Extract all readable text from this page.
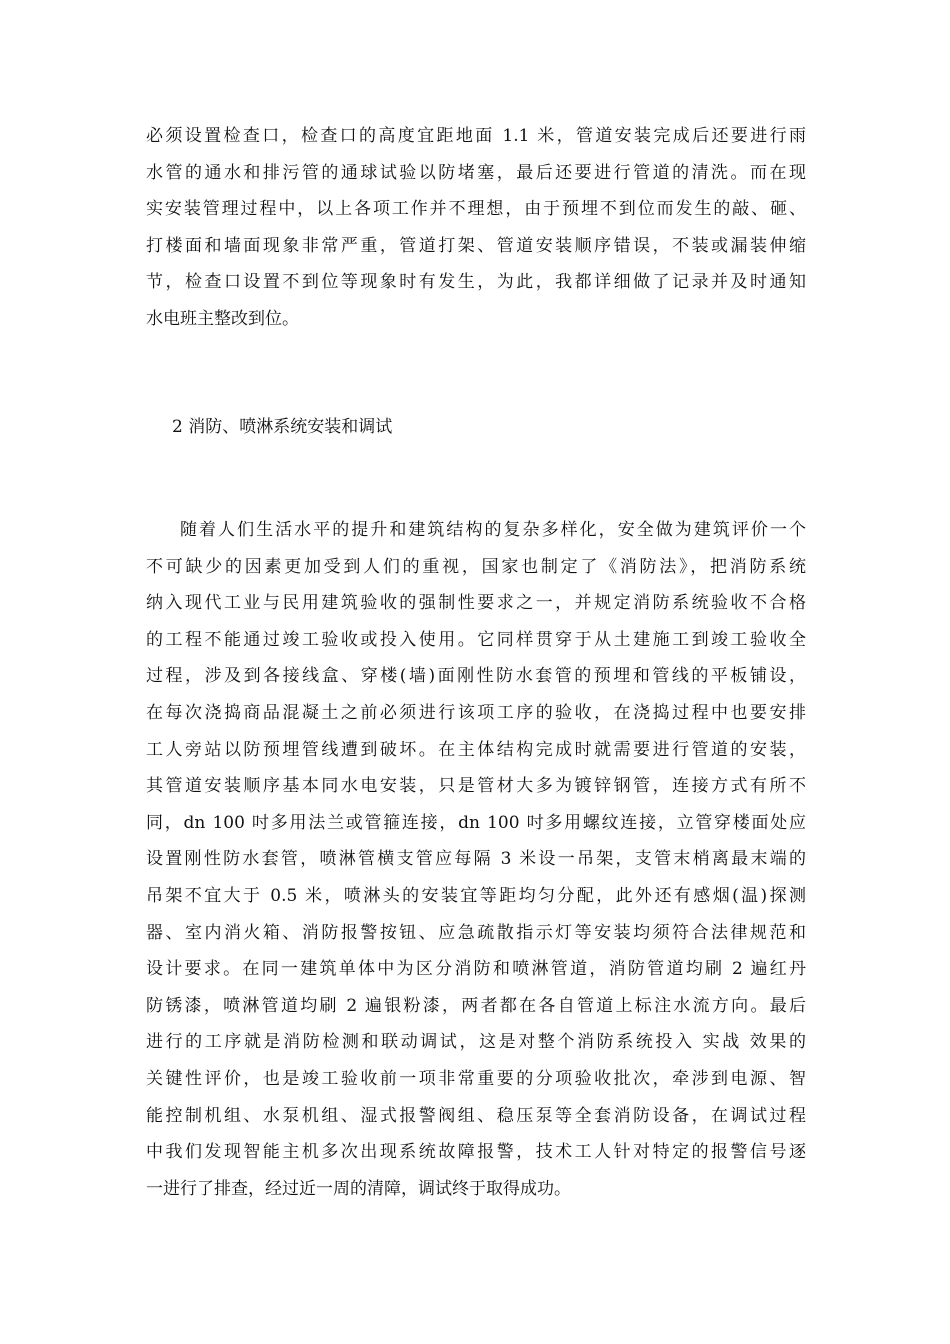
必须设置检查口，检查口的高度宜距地面 1.1 米，管道安装完成后还要进行雨
水管的通水和排污管的通球试验以防堵塞，最后还要进行管道的清洗。而在现
实安装管理过程中，以上各项工作并不理想，由于预埋不到位而发生的敲、砸、
打楼面和墙面现象非常严重，管道打架、管道安装顺序错误，不装或漏装伸缩
节，检查口设置不到位等现象时有发生，为此，我都详细做了记录并及时通知
水电班主整改到位。
2 消防、喷淋系统安装和调试
随着人们生活水平的提升和建筑结构的复杂多样化，安全做为建筑评价一个
不可缺少的因素更加受到人们的重视，国家也制定了《消防法》，把消防系统
纳入现代工业与民用建筑验收的强制性要求之一，并规定消防系统验收不合格
的工程不能通过竣工验收或投入使用。它同样贯穿于从土建施工到竣工验收全
过程，涉及到各接线盒、穿楼(墙)面刚性防水套管的预埋和管线的平板铺设，
在每次浇捣商品混凝土之前必须进行该项工序的验收，在浇捣过程中也要安排
工人旁站以防预埋管线遭到破坏。在主体结构完成时就需要进行管道的安装，
其管道安装顺序基本同水电安装，只是管材大多为镀锌钢管，连接方式有所不
同，dn 100 吋多用法兰或管箍连接，dn 100 吋多用螺纹连接，立管穿楼面处应
设置刚性防水套管，喷淋管横支管应每隔 3 米设一吊架，支管末梢离最末端的
吊架不宜大于 0.5 米，喷淋头的安装宜等距均匀分配，此外还有感烟(温)探测
器、室内消火箱、消防报警按钮、应急疏散指示灯等安装均须符合法律规范和
设计要求。在同一建筑单体中为区分消防和喷淋管道，消防管道均刷 2 遍红丹
防锈漆，喷淋管道均刷 2 遍银粉漆，两者都在各自管道上标注水流方向。最后
进行的工序就是消防检测和联动调试，这是对整个消防系统投入 实战 效果的
关键性评价，也是竣工验收前一项非常重要的分项验收批次，牵涉到电源、智
能控制机组、水泵机组、湿式报警阀组、稳压泵等全套消防设备，在调试过程
中我们发现智能主机多次出现系统故障报警，技术工人针对特定的报警信号逐
一进行了排查，经过近一周的清障，调试终于取得成功。
